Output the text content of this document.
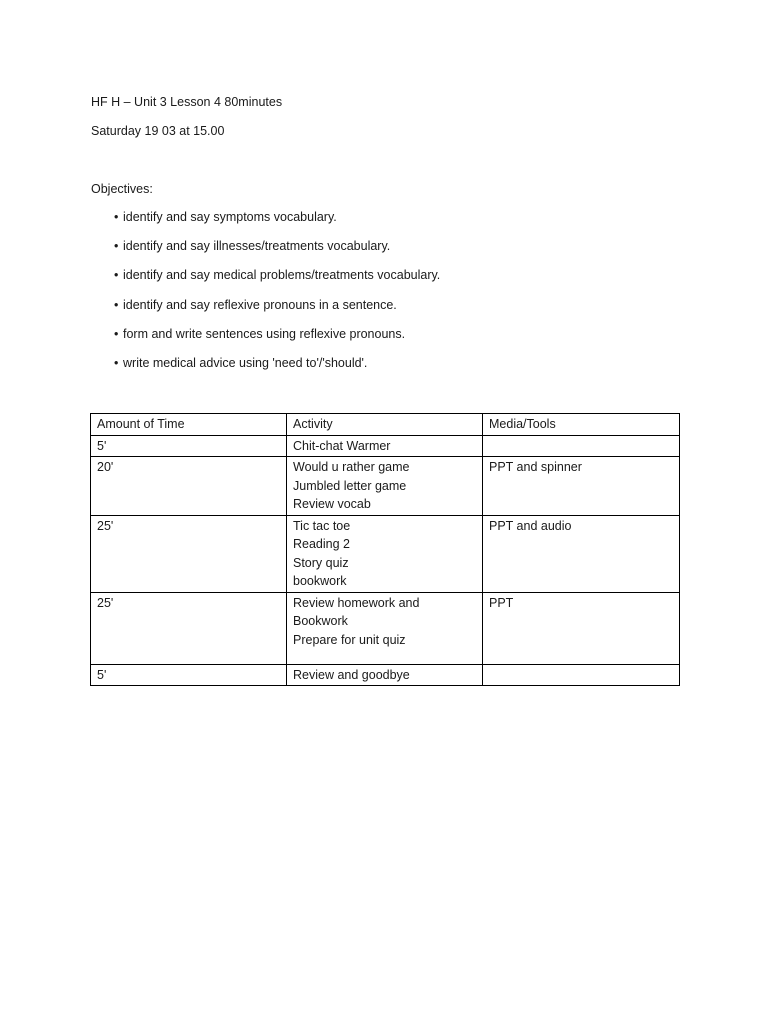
HF H – Unit 3 Lesson 4 80minutes
Saturday 19 03 at 15.00
Objectives:
• identify and say symptoms vocabulary.
• identify and say illnesses/treatments vocabulary.
• identify and say medical problems/treatments vocabulary.
• identify and say reflexive pronouns in a sentence.
• form and write sentences using reflexive pronouns.
• write medical advice using 'need to'/'should'.
Amount of Time	Activity	Media/Tools
5'	Chit-chat Warmer	

20'	Would u rather game
Jumbled letter game
Review vocab	PPT and spinner
25'	Tic tac toe
Reading 2
Story quiz
bookwork	PPT and audio
25'	Review homework and
Bookwork
Prepare for unit quiz	PPT
5'	Review and goodbye	
